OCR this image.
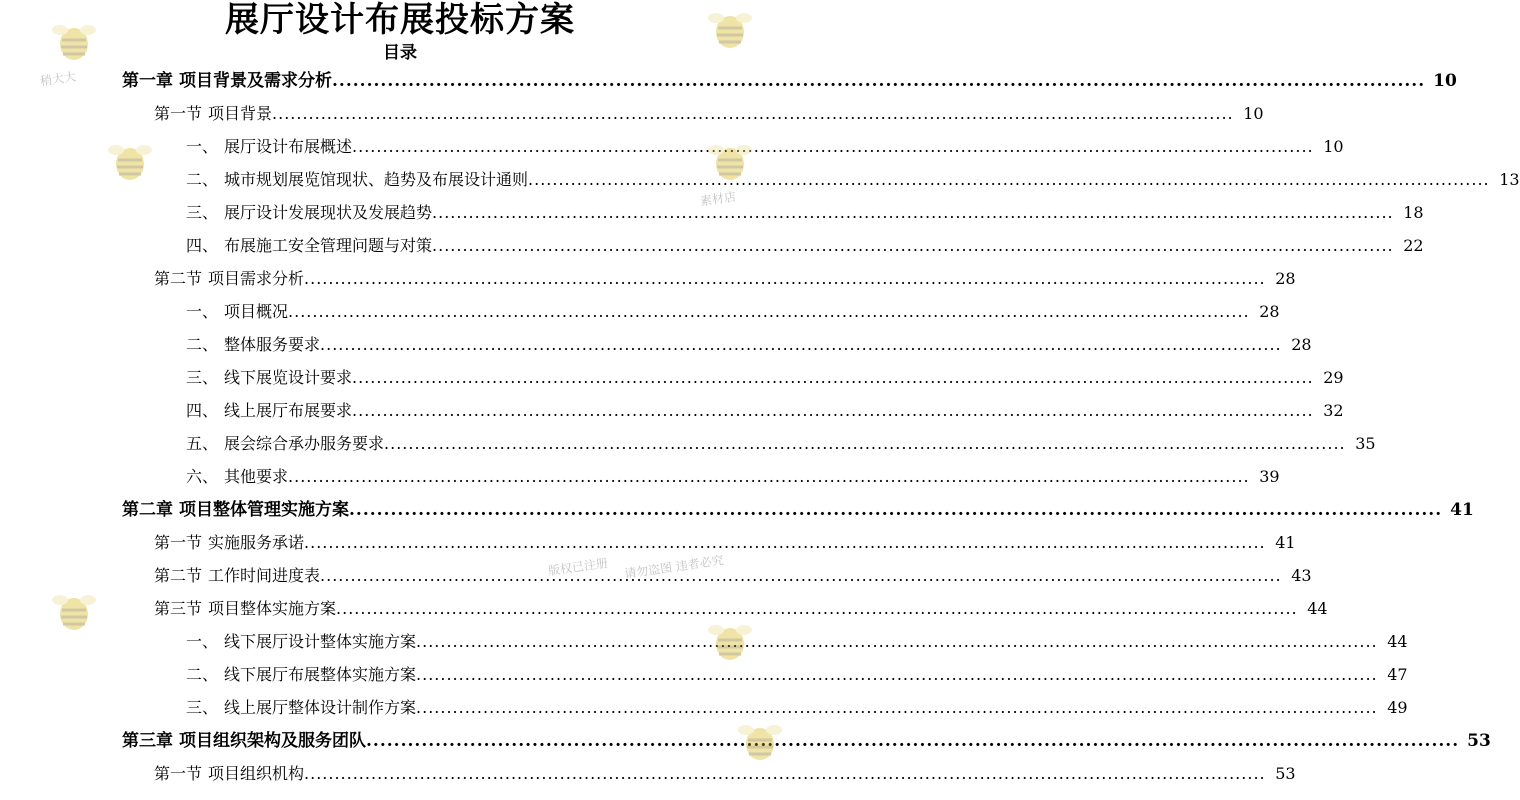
展厅设计布展投标方案
目录
第一章 项目背景及需求分析 .....	10
第一节 项目背景 .....	10
一、 展厅设计布展概述 .....	10
二、 城市规划展览馆现状、趋势及布展设计通则 .....	13
三、 展厅设计发展现状及发展趋势 .....	18
四、 布展施工安全管理问题与对策 .....	22
第二节 项目需求分析 .....	28
一、 项目概况 .....	28
二、 整体服务要求 .....	28
三、 线下展览设计要求 .....	29
四、 线上展厅布展要求 .....	32
五、 展会综合承办服务要求 .....	35
六、 其他要求 .....	39
第二章 项目整体管理实施方案 .....	41
第一节 实施服务承诺 .....	41
第二节 工作时间进度表 .....	43
第三节 项目整体实施方案 .....	44
一、 线下展厅设计整体实施方案 .....	44
二、 线下展厅布展整体实施方案 .....	47
三、 线上展厅整体设计制作方案 .....	49
第三章 项目组织架构及服务团队 .....	53
第一节 项目组织机构 .....	53
稍大大
素材店
版权已注册 请勿盗图 违者必究
